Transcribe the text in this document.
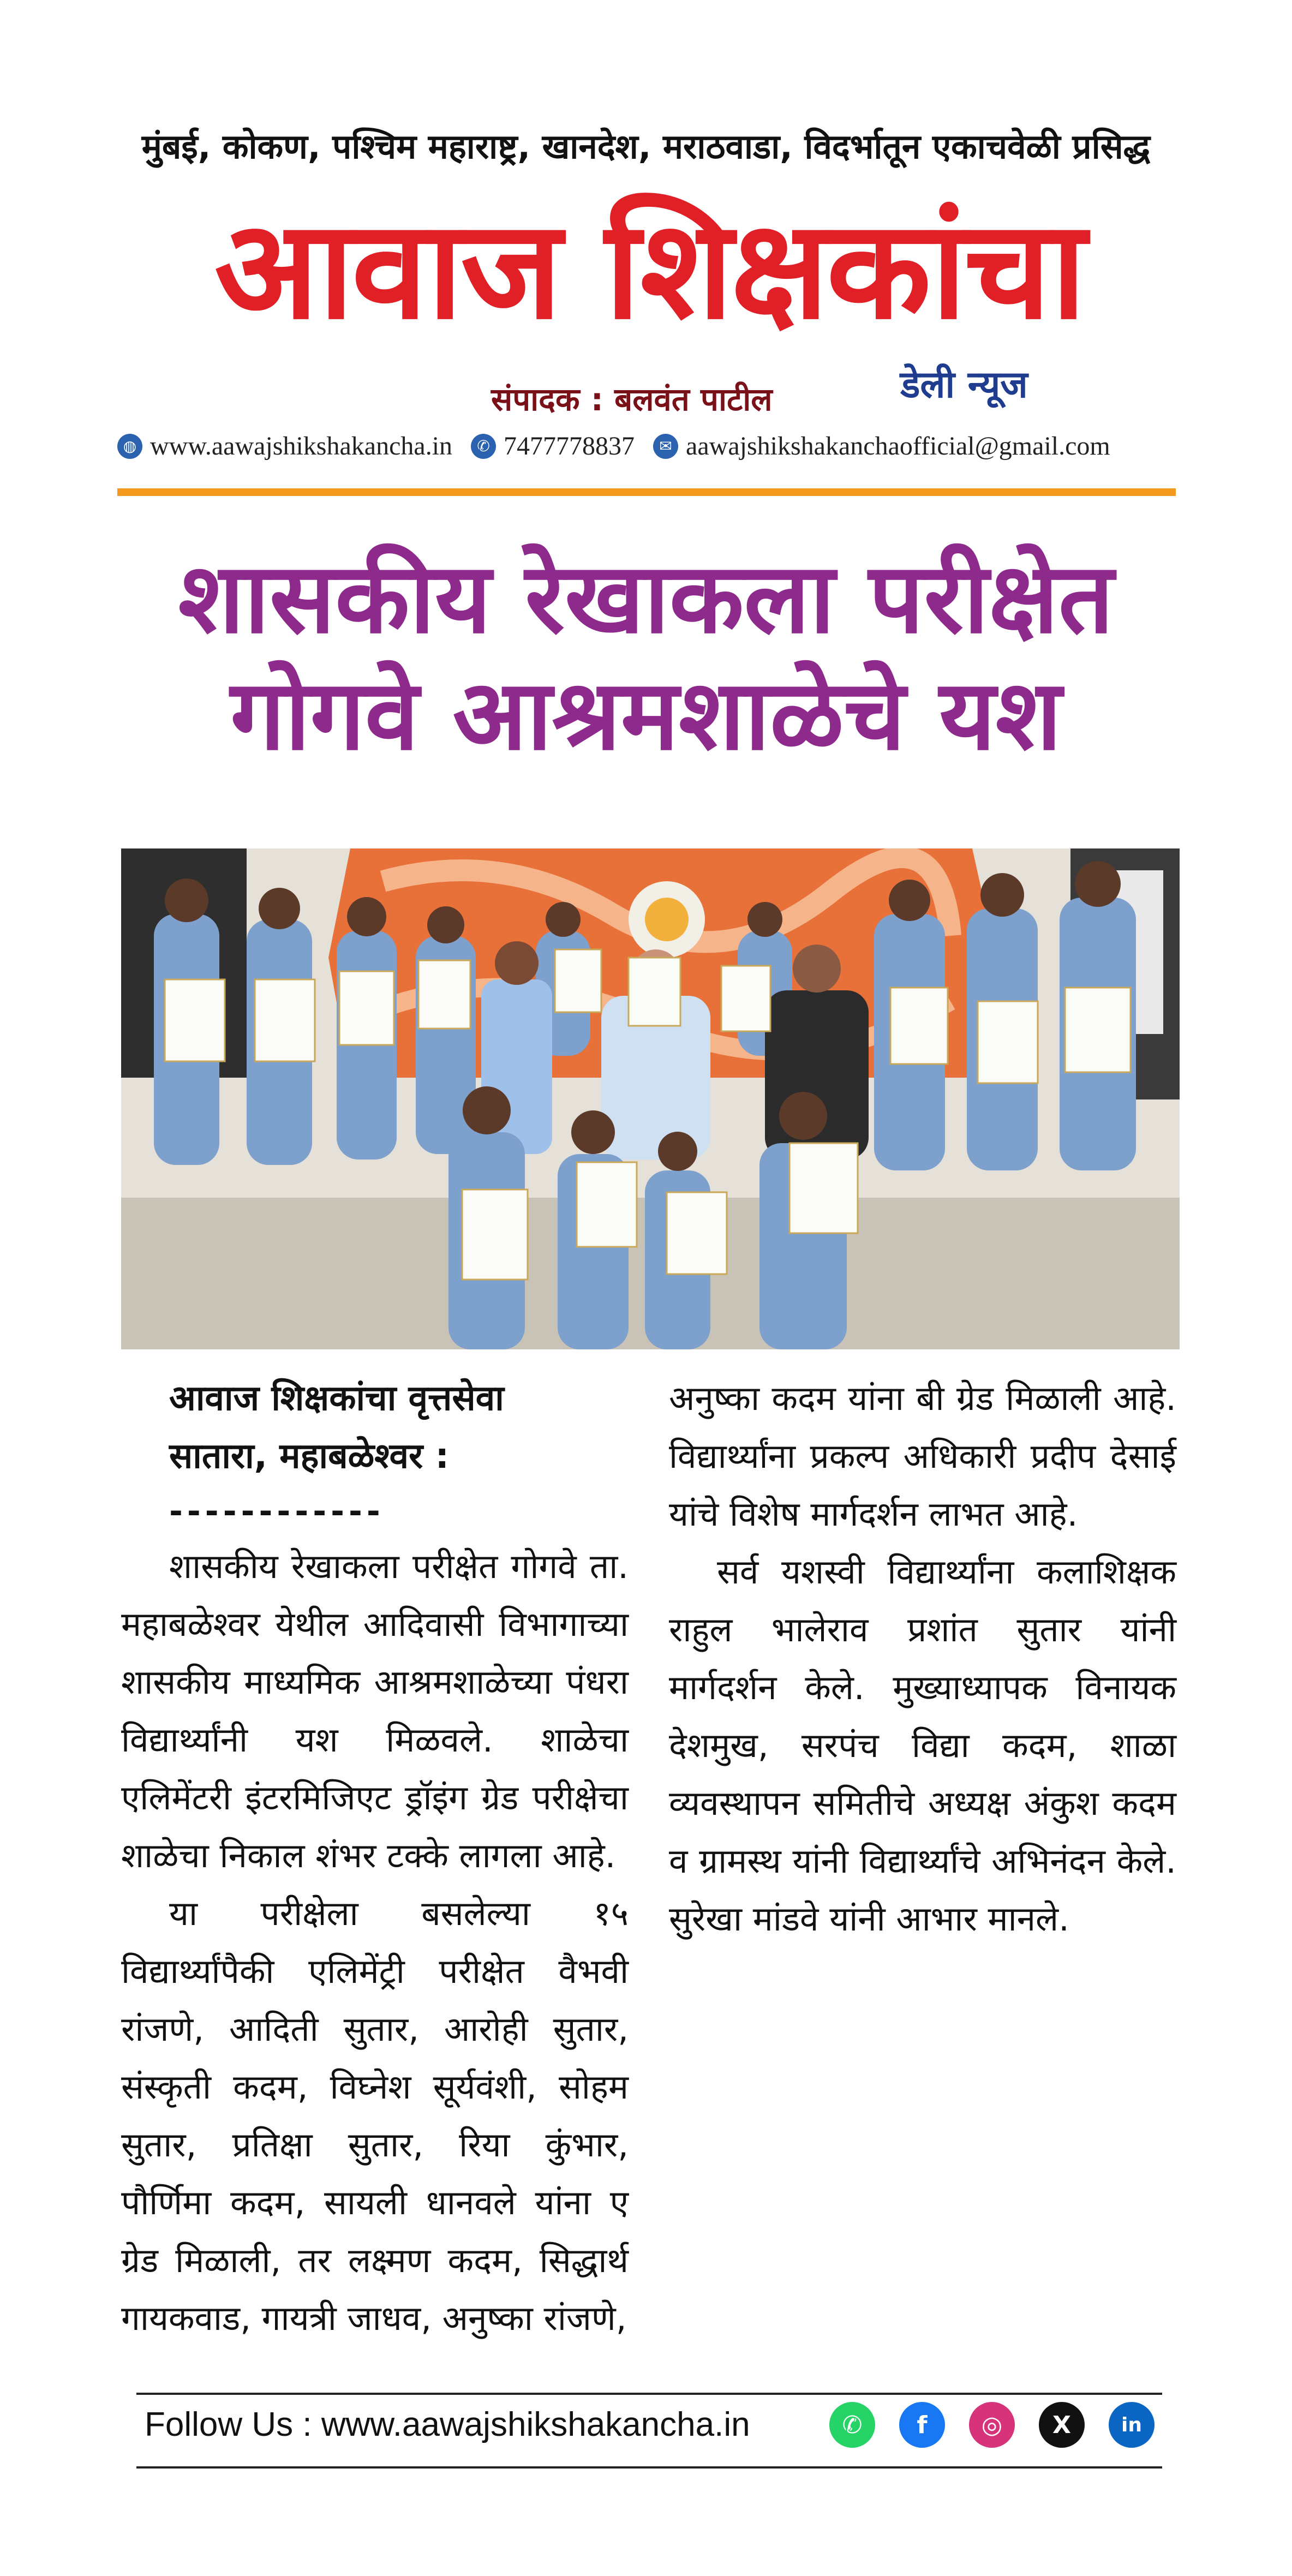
मुंबई, कोकण, पश्चिम महाराष्ट्र, खानदेश, मराठवाडा, विदर्भातून एकाचवेळी प्रसिद्ध
आवाज शिक्षकांचा
डेली न्यूज
संपादक : बलवंत पाटील
◍ www.aawajshikshakancha.in	✆ 7477778837	✉ aawajshikshakanchaofficial@gmail.com
शासकीय रेखाकला परीक्षेत
गोगवे आश्रमशाळेचे यश
आवाज शिक्षकांचा वृत्तसेवा
सातारा, महाबळेश्वर :
------------

शासकीय रेखाकला परीक्षेत गोगवे ता. महाबळेश्वर येथील आदिवासी विभागाच्या शासकीय माध्यमिक आश्रमशाळेच्या पंधरा विद्यार्थ्यांनी यश मिळवले. शाळेचा एलिमेंटरी इंटरमिजिएट ड्रॉइंग ग्रेड परीक्षेचा शाळेचा निकाल शंभर टक्के लागला आहे.

या परीक्षेला बसलेल्या १५ विद्यार्थ्यांपैकी एलिमेंट्री परीक्षेत वैभवी रांजणे, आदिती सुतार, आरोही सुतार, संस्कृती कदम, विघ्नेश सूर्यवंशी, सोहम सुतार, प्रतिक्षा सुतार, रिया कुंभार, पौर्णिमा कदम, सायली धानवले यांना ए ग्रेड मिळाली, तर लक्ष्मण कदम, सिद्धार्थ गायकवाड, गायत्री जाधव, अनुष्का रांजणे,

अनुष्का कदम यांना बी ग्रेड मिळाली आहे. विद्यार्थ्यांना प्रकल्प अधिकारी प्रदीप देसाई यांचे विशेष मार्गदर्शन लाभत आहे.

सर्व यशस्वी विद्यार्थ्यांना कलाशिक्षक राहुल भालेराव प्रशांत सुतार यांनी मार्गदर्शन केले. मुख्याध्यापक विनायक देशमुख, सरपंच विद्या कदम, शाळा व्यवस्थापन समितीचे अध्यक्ष अंकुश कदम व ग्रामस्थ यांनी विद्यार्थ्यांचे अभिनंदन केले. सुरेखा मांडवे यांनी आभार मानले.

Follow Us : www.aawajshikshakancha.in	✆	f	◎	X	in
